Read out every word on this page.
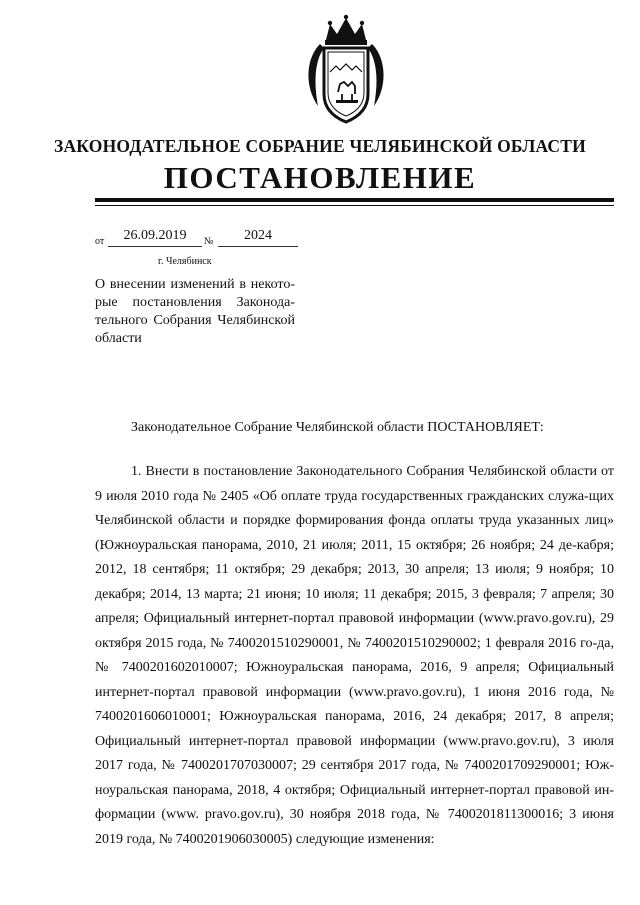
ЗАКОНОДАТЕЛЬНОЕ СОБРАНИЕ ЧЕЛЯБИНСКОЙ ОБЛАСТИ
ПОСТАНОВЛЕНИЕ
от	26.09.2019	№	2024
г. Челябинск
О внесении изменений в некото-рые постановления Законода-тельного Собрания Челябинской области
Законодательное Собрание Челябинской области ПОСТАНОВЛЯЕТ:
1. Внести в постановление Законодательного Собрания Челябинской области от 9 июля 2010 года № 2405 «Об оплате труда государственных гражданских служа-щих Челябинской области и порядке формирования фонда оплаты труда указанных лиц» (Южноуральская панорама, 2010, 21 июля; 2011, 15 октября; 26 ноября; 24 де-кабря; 2012, 18 сентября; 11 октября; 29 декабря; 2013, 30 апреля; 13 июля; 9 ноября; 10 декабря; 2014, 13 марта; 21 июня; 10 июля; 11 декабря; 2015, 3 февраля; 7 апреля; 30 апреля; Официальный интернет-портал правовой информации (www.pravo.gov.ru), 29 октября 2015 года, № 7400201510290001, № 7400201510290002; 1 февраля 2016 го-да, № 7400201602010007; Южноуральская панорама, 2016, 9 апреля; Официальный интернет-портал правовой информации (www.pravo.gov.ru), 1 июня 2016 года, № 7400201606010001; Южноуральская панорама, 2016, 24 декабря; 2017, 8 апреля; Официальный интернет-портал правовой информации (www.pravo.gov.ru), 3 июля 2017 года, № 7400201707030007; 29 сентября 2017 года, № 7400201709290001; Юж-ноуральская панорама, 2018, 4 октября; Официальный интернет-портал правовой ин-формации (www. pravo.gov.ru), 30 ноября 2018 года, № 7400201811300016; 3 июня 2019 года, № 7400201906030005) следующие изменения:
